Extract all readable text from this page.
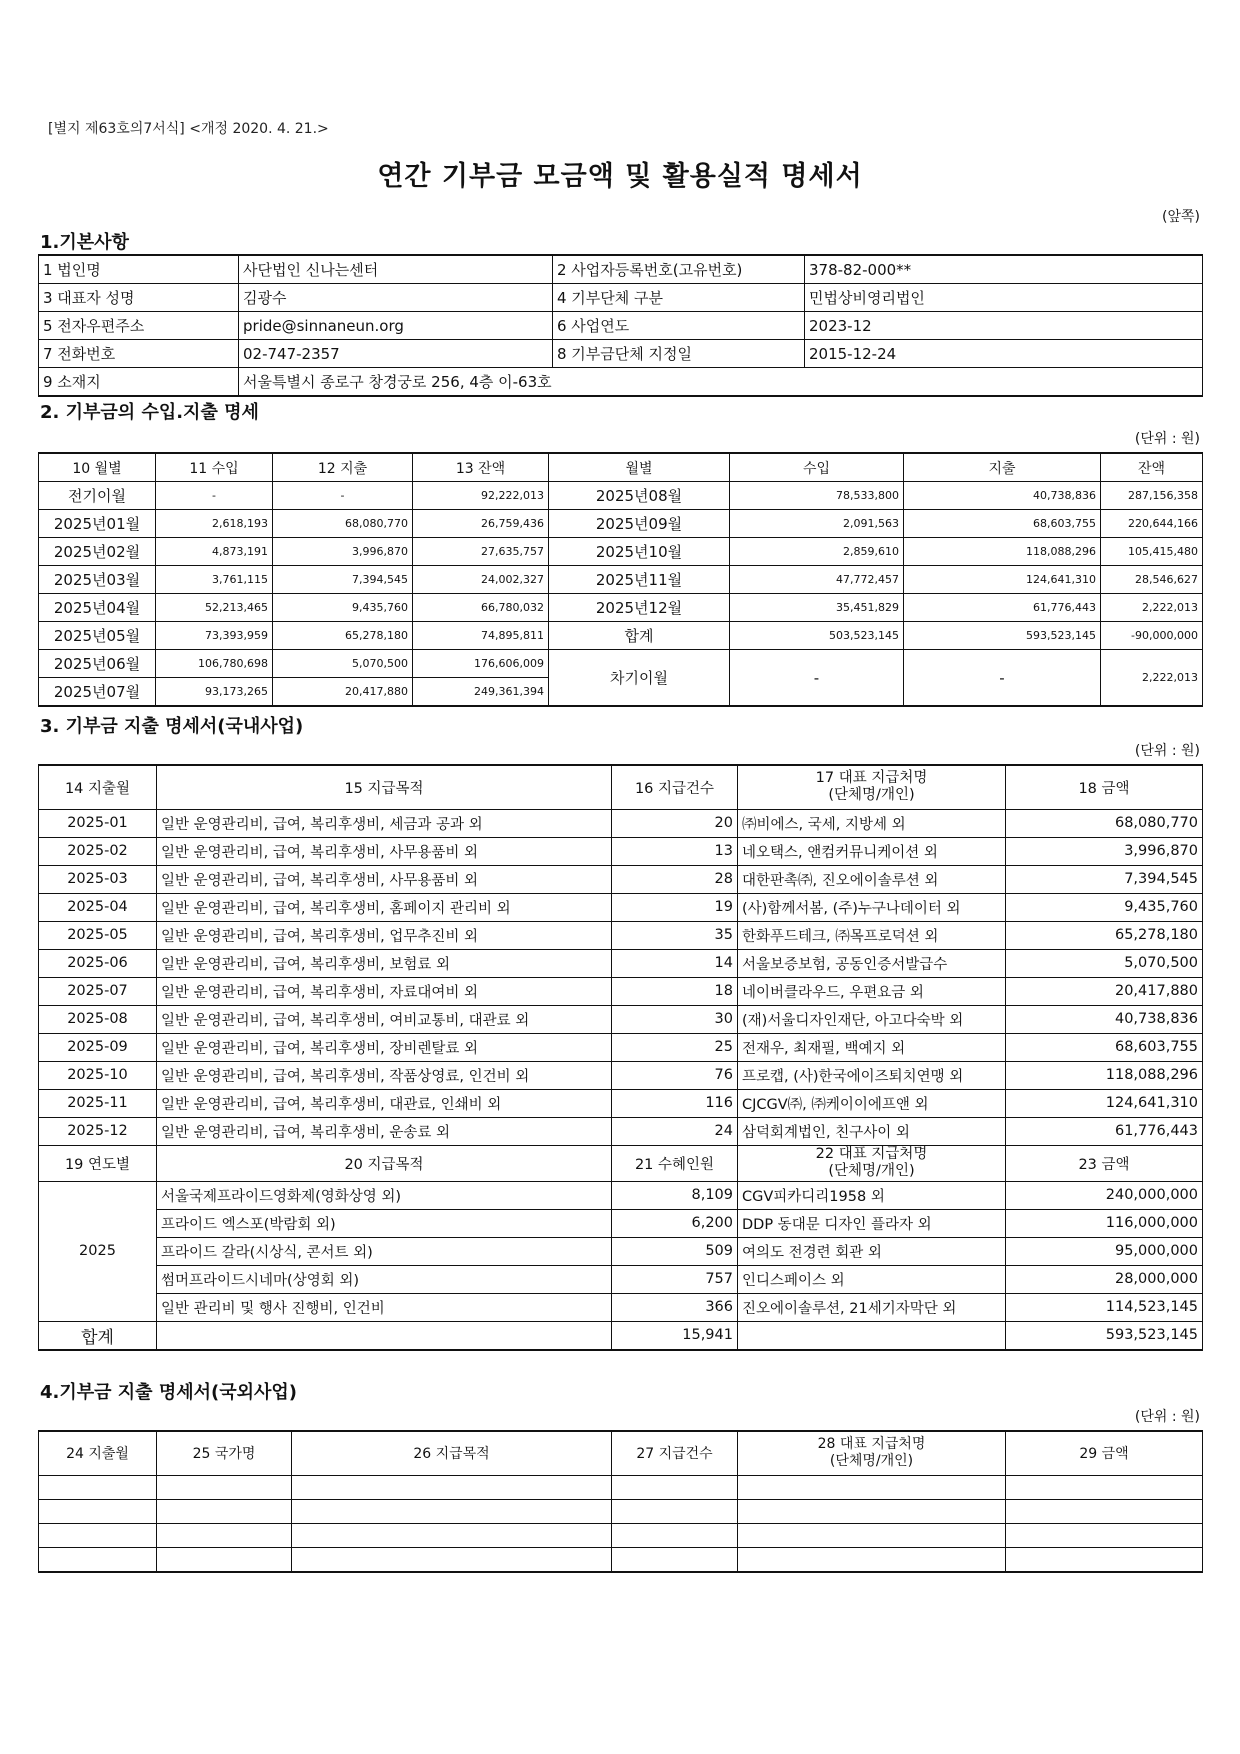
[별지 제63호의7서식] <개정 2020. 4. 21.>
연간 기부금 모금액 및 활용실적 명세서
(앞쪽)
1.기본사항
1 법인명	사단법인 신나는센터	2 사업자등록번호(고유번호)	378-82-000**
3 대표자 성명	김광수	4 기부단체 구분	민법상비영리법인
5 전자우편주소	pride@sinnaneun.org	6 사업연도	2023-12
7 전화번호	02-747-2357	8 기부금단체 지정일	2015-12-24
9 소재지	서울특별시 종로구 창경궁로 256, 4층 이-63호		
2. 기부금의 수입.지출 명세
(단위 : 원)
10 월별	11 수입	12 지출	13 잔액	월별	수입	지출	잔액
전기이월	-	-	92,222,013	2025년08월	78,533,800	40,738,836	287,156,358
2025년01월	2,618,193	68,080,770	26,759,436	2025년09월	2,091,563	68,603,755	220,644,166
2025년02월	4,873,191	3,996,870	27,635,757	2025년10월	2,859,610	118,088,296	105,415,480
2025년03월	3,761,115	7,394,545	24,002,327	2025년11월	47,772,457	124,641,310	28,546,627
2025년04월	52,213,465	9,435,760	66,780,032	2025년12월	35,451,829	61,776,443	2,222,013
2025년05월	73,393,959	65,278,180	74,895,811	합계	503,523,145	593,523,145	-90,000,000
2025년06월	106,780,698	5,070,500	176,606,009	차기이월	-	-	2,222,013
2025년07월	93,173,265	20,417,880	249,361,394				
3. 기부금 지출 명세서(국내사업)
(단위 : 원)
14 지출월	15 지급목적	16 지급건수	17 대표 지급처명
(단체명/개인)	18 금액
2025-01	일반 운영관리비, 급여, 복리후생비, 세금과 공과 외	20	㈜비에스, 국세, 지방세 외	68,080,770
2025-02	일반 운영관리비, 급여, 복리후생비, 사무용품비 외	13	네오택스, 앤컴커뮤니케이션 외	3,996,870
2025-03	일반 운영관리비, 급여, 복리후생비, 사무용품비 외	28	대한판촉㈜, 진오에이솔루션 외	7,394,545
2025-04	일반 운영관리비, 급여, 복리후생비, 홈페이지 관리비 외	19	(사)함께서봄, (주)누구나데이터 외	9,435,760
2025-05	일반 운영관리비, 급여, 복리후생비, 업무추진비 외	35	한화푸드테크, ㈜목프로덕션 외	65,278,180
2025-06	일반 운영관리비, 급여, 복리후생비, 보험료 외	14	서울보증보험, 공동인증서발급수	5,070,500
2025-07	일반 운영관리비, 급여, 복리후생비, 자료대여비 외	18	네이버클라우드, 우편요금 외	20,417,880
2025-08	일반 운영관리비, 급여, 복리후생비, 여비교통비, 대관료 외	30	(재)서울디자인재단, 아고다숙박 외	40,738,836
2025-09	일반 운영관리비, 급여, 복리후생비, 장비렌탈료 외	25	전재우, 최재필, 백예지 외	68,603,755
2025-10	일반 운영관리비, 급여, 복리후생비, 작품상영료, 인건비 외	76	프로캡, (사)한국에이즈퇴치연맹 외	118,088,296
2025-11	일반 운영관리비, 급여, 복리후생비, 대관료, 인쇄비 외	116	CJCGV㈜, ㈜케이이에프앤 외	124,641,310
2025-12	일반 운영관리비, 급여, 복리후생비, 운송료 외	24	삼덕회계법인, 친구사이 외	61,776,443
19 연도별	20 지급목적	21 수혜인원	22 대표 지급처명
(단체명/개인)	23 금액
2025	서울국제프라이드영화제(영화상영 외)	8,109	CGV피카디리1958 외	240,000,000
	프라이드 엑스포(박람회 외)	6,200	DDP 동대문 디자인 플라자 외	116,000,000
	프라이드 갈라(시상식, 콘서트 외)	509	여의도 전경련 회관 외	95,000,000
	썸머프라이드시네마(상영회 외)	757	인디스페이스 외	28,000,000
	일반 관리비 및 행사 진행비, 인건비	366	진오에이솔루션, 21세기자막단 외	114,523,145
합계		15,941		593,523,145
4.기부금 지출 명세서(국외사업)
(단위 : 원)
24 지출월	25 국가명	26 지급목적	27 지급건수	28 대표 지급처명
(단체명/개인)	29 금액
